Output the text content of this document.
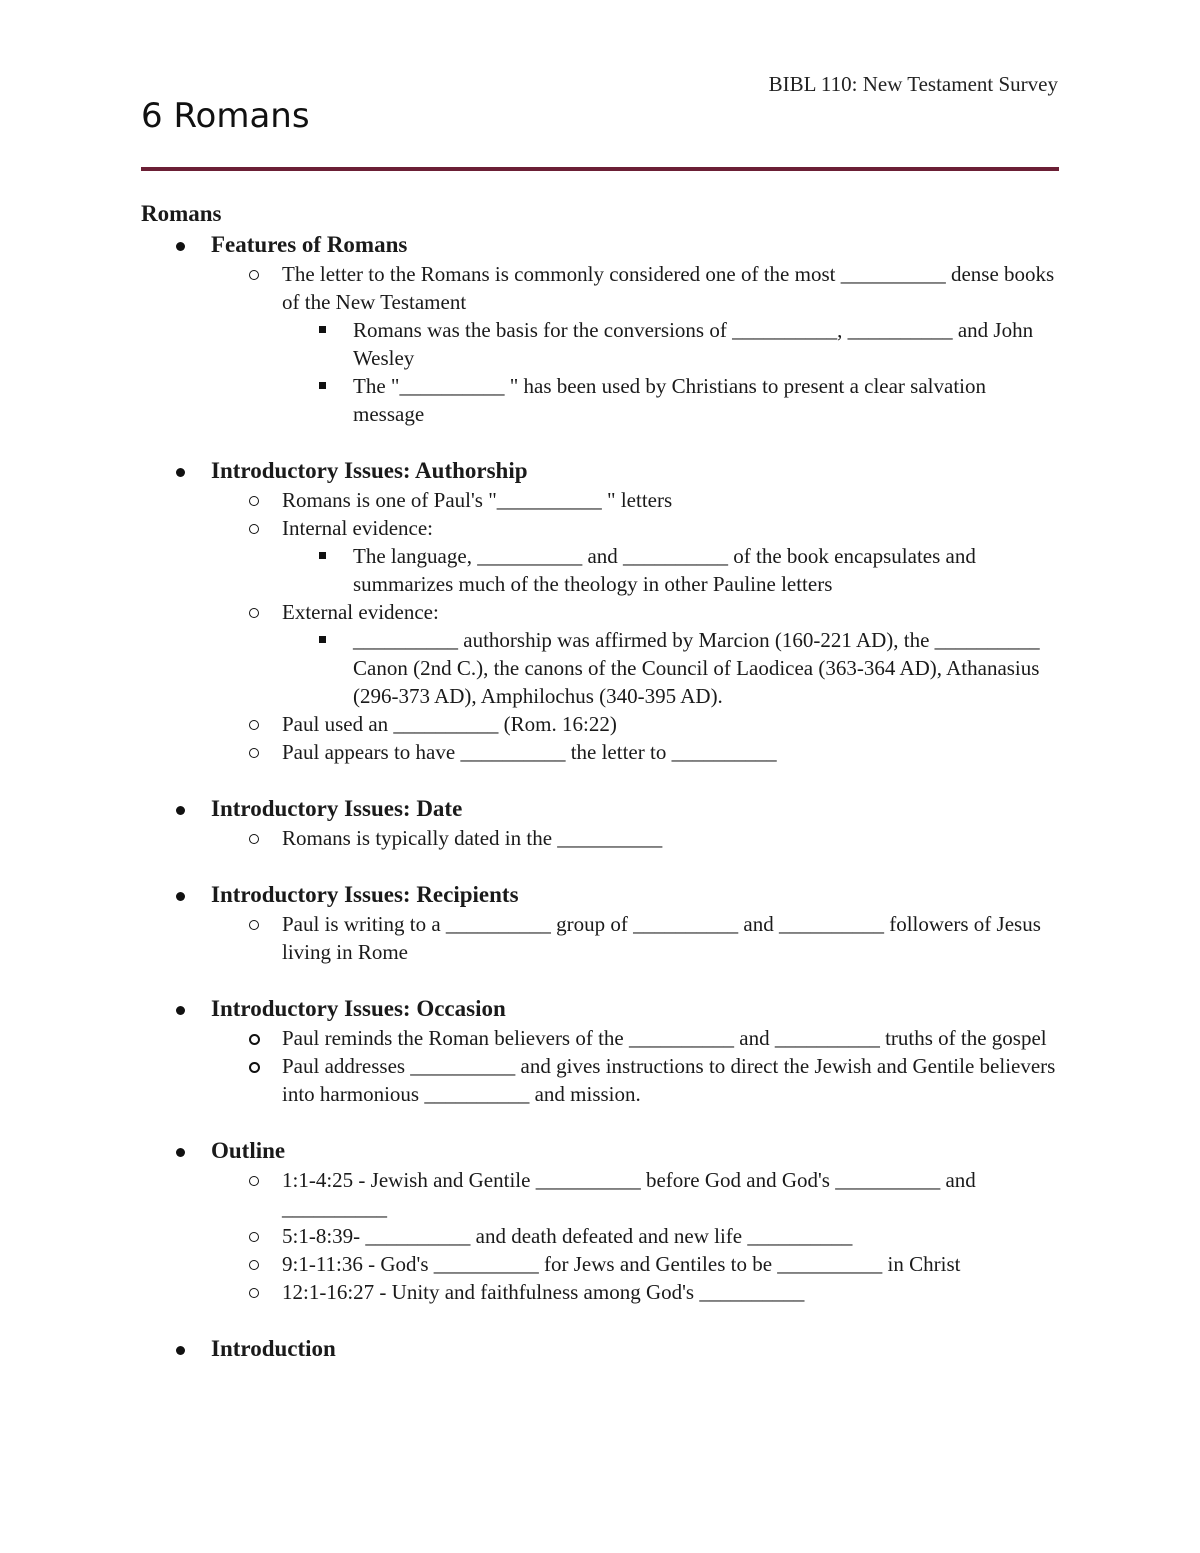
BIBL 110: New Testament Survey
6 Romans
Romans
Features of Romans
The letter to the Romans is commonly considered one of the most __________ dense books of the New Testament
Romans was the basis for the conversions of __________, __________ and John Wesley
The "__________ " has been used by Christians to present a clear salvation message
Introductory Issues: Authorship
Romans is one of Paul's "__________ " letters
Internal evidence:
The language, __________ and __________ of the book encapsulates and summarizes much of the theology in other Pauline letters
External evidence:
__________ authorship was affirmed by Marcion (160-221 AD), the __________ Canon (2nd C.), the canons of the Council of Laodicea (363-364 AD), Athanasius (296-373 AD), Amphilochus (340-395 AD).
Paul used an __________ (Rom. 16:22)
Paul appears to have __________ the letter to __________
Introductory Issues: Date
Romans is typically dated in the __________
Introductory Issues: Recipients
Paul is writing to a __________ group of __________ and __________ followers of Jesus living in Rome
Introductory Issues: Occasion
Paul reminds the Roman believers of the __________ and __________ truths of the gospel
Paul addresses __________ and gives instructions to direct the Jewish and Gentile believers into harmonious __________ and mission.
Outline
1:1-4:25 - Jewish and Gentile __________ before God and God's __________ and __________
5:1-8:39- __________ and death defeated and new life __________
9:1-11:36 - God's __________ for Jews and Gentiles to be __________ in Christ
12:1-16:27 - Unity and faithfulness among God's __________
Introduction
